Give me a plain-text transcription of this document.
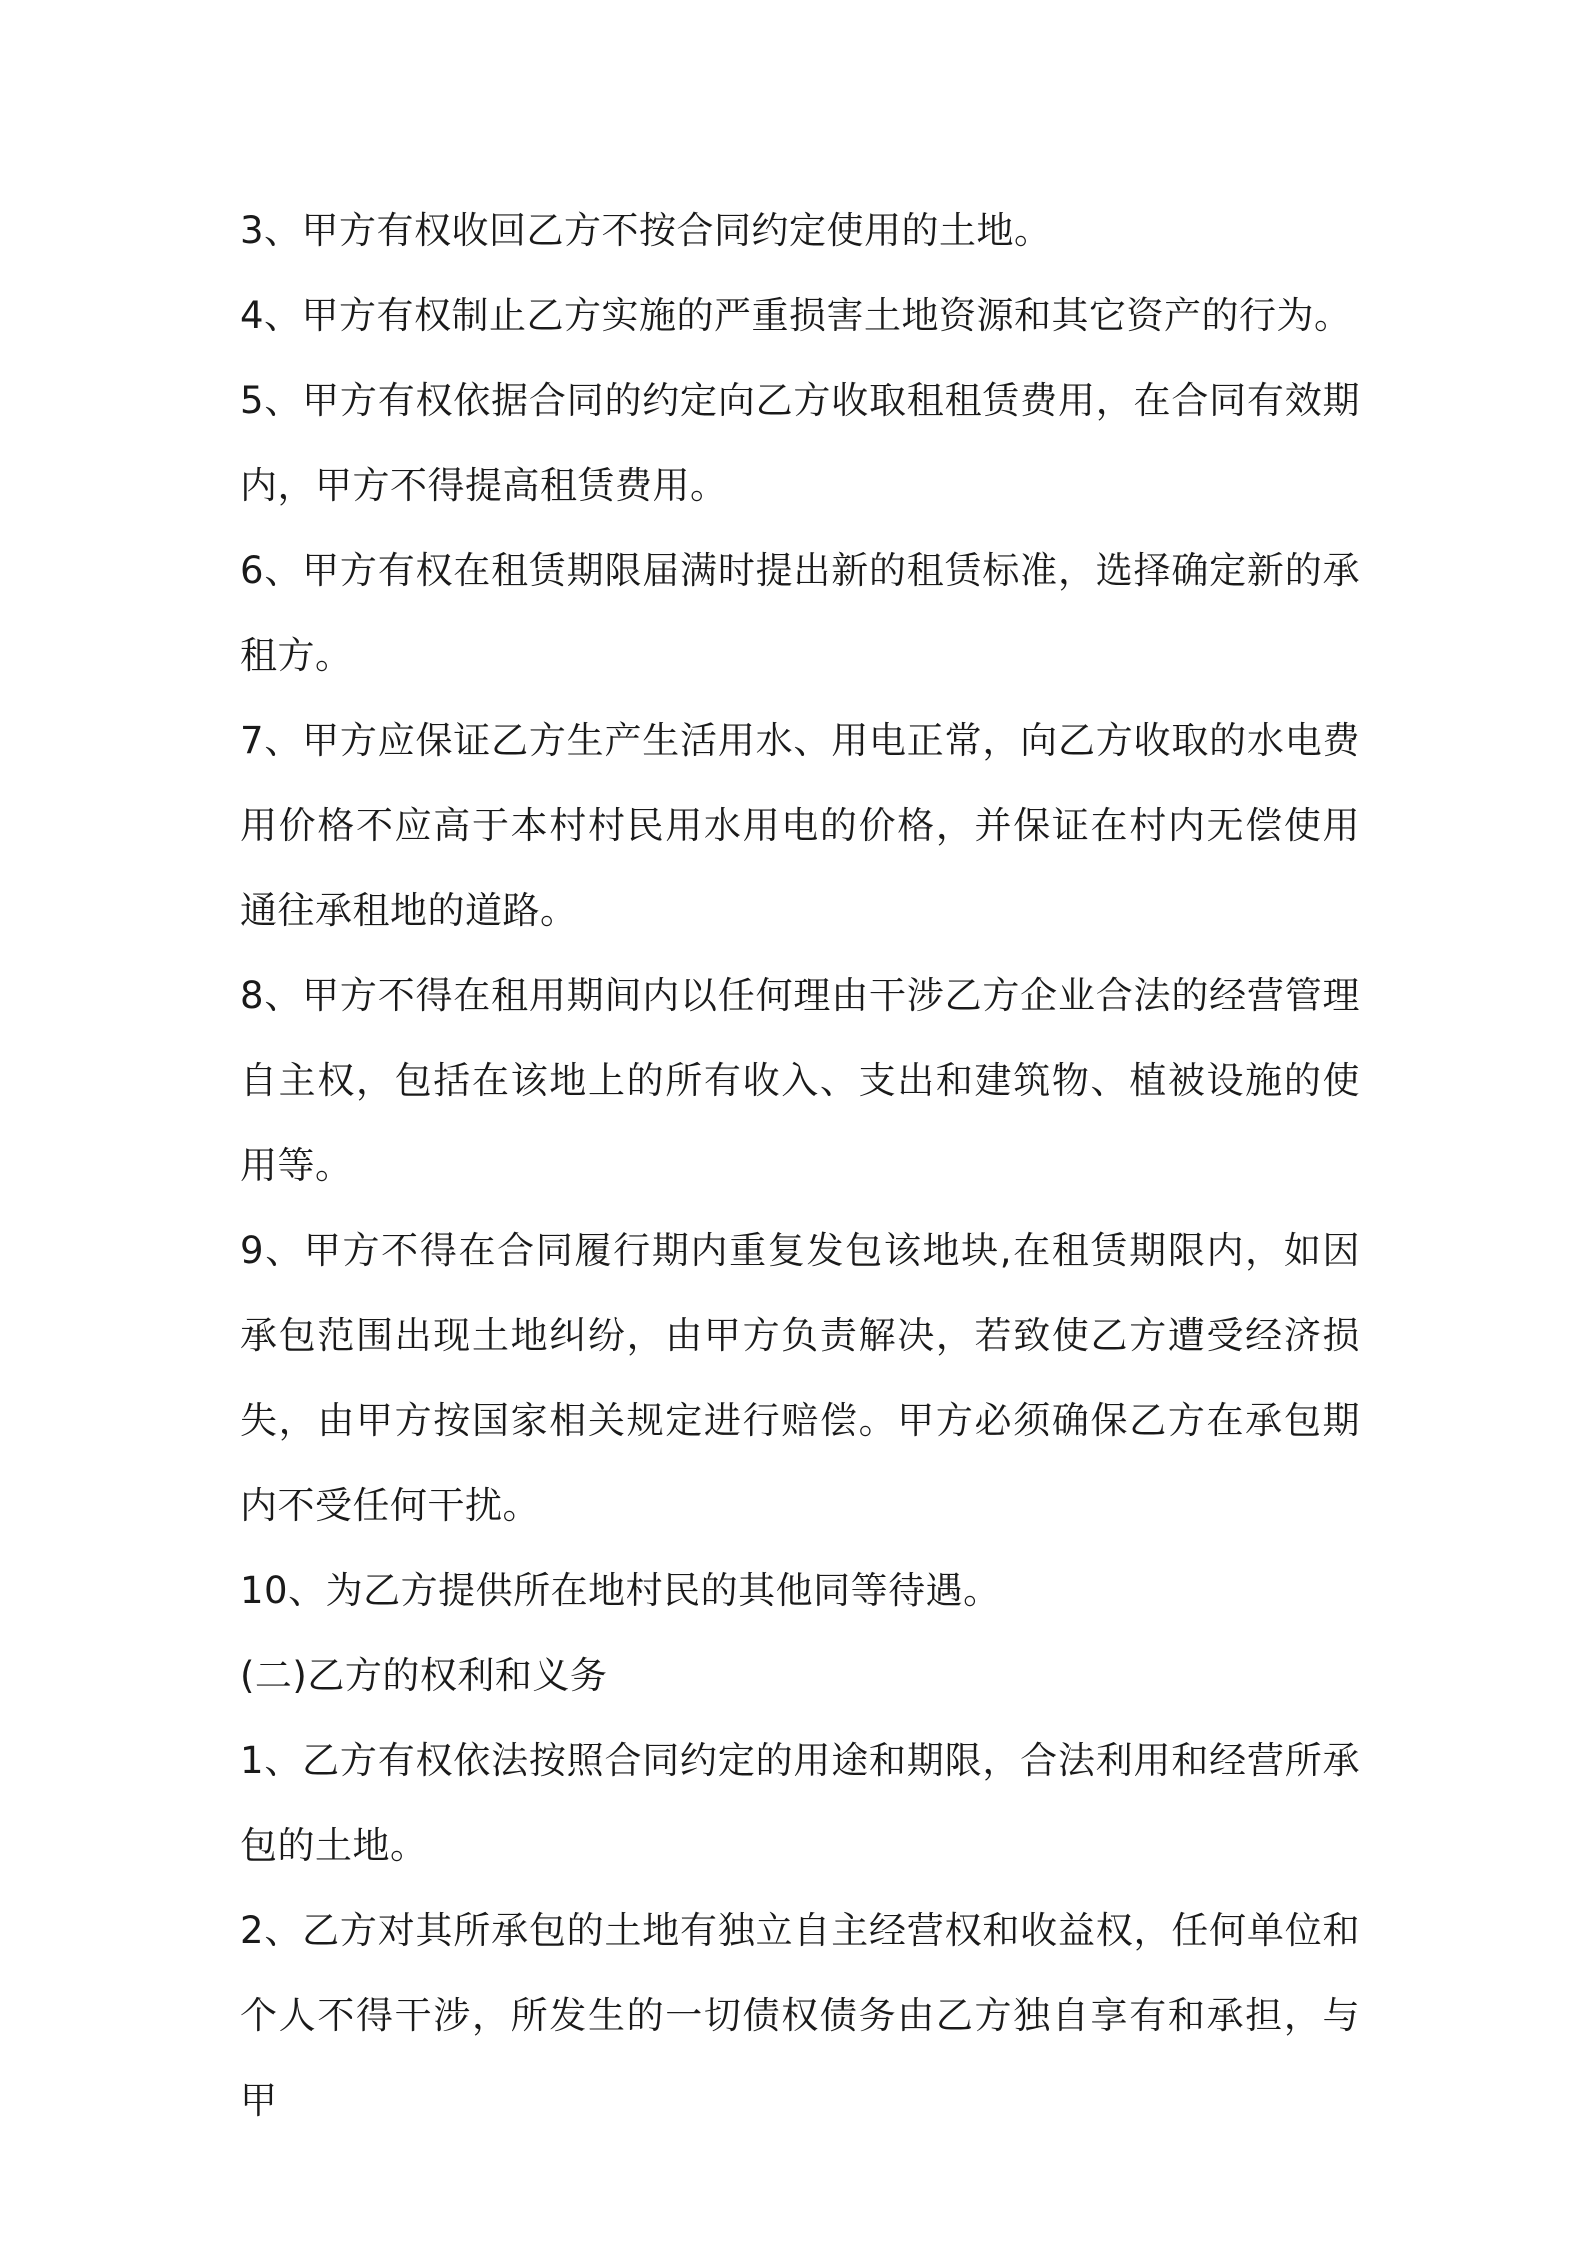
3、甲方有权收回乙方不按合同约定使用的土地。

4、甲方有权制止乙方实施的严重损害土地资源和其它资产的行为。

5、甲方有权依据合同的约定向乙方收取租租赁费用，在合同有效期内，甲方不得提高租赁费用。

6、甲方有权在租赁期限届满时提出新的租赁标准，选择确定新的承租方。

7、甲方应保证乙方生产生活用水、用电正常，向乙方收取的水电费用价格不应高于本村村民用水用电的价格，并保证在村内无偿使用通往承租地的道路。

8、甲方不得在租用期间内以任何理由干涉乙方企业合法的经营管理自主权，包括在该地上的所有收入、支出和建筑物、植被设施的使用等。

9、甲方不得在合同履行期内重复发包该地块,在租赁期限内，如因承包范围出现土地纠纷，由甲方负责解决，若致使乙方遭受经济损失，由甲方按国家相关规定进行赔偿。甲方必须确保乙方在承包期内不受任何干扰。

10、为乙方提供所在地村民的其他同等待遇。

(二)乙方的权利和义务

1、乙方有权依法按照合同约定的用途和期限，合法利用和经营所承包的土地。

2、乙方对其所承包的土地有独立自主经营权和收益权，任何单位和个人不得干涉，所发生的一切债权债务由乙方独自享有和承担，与甲
